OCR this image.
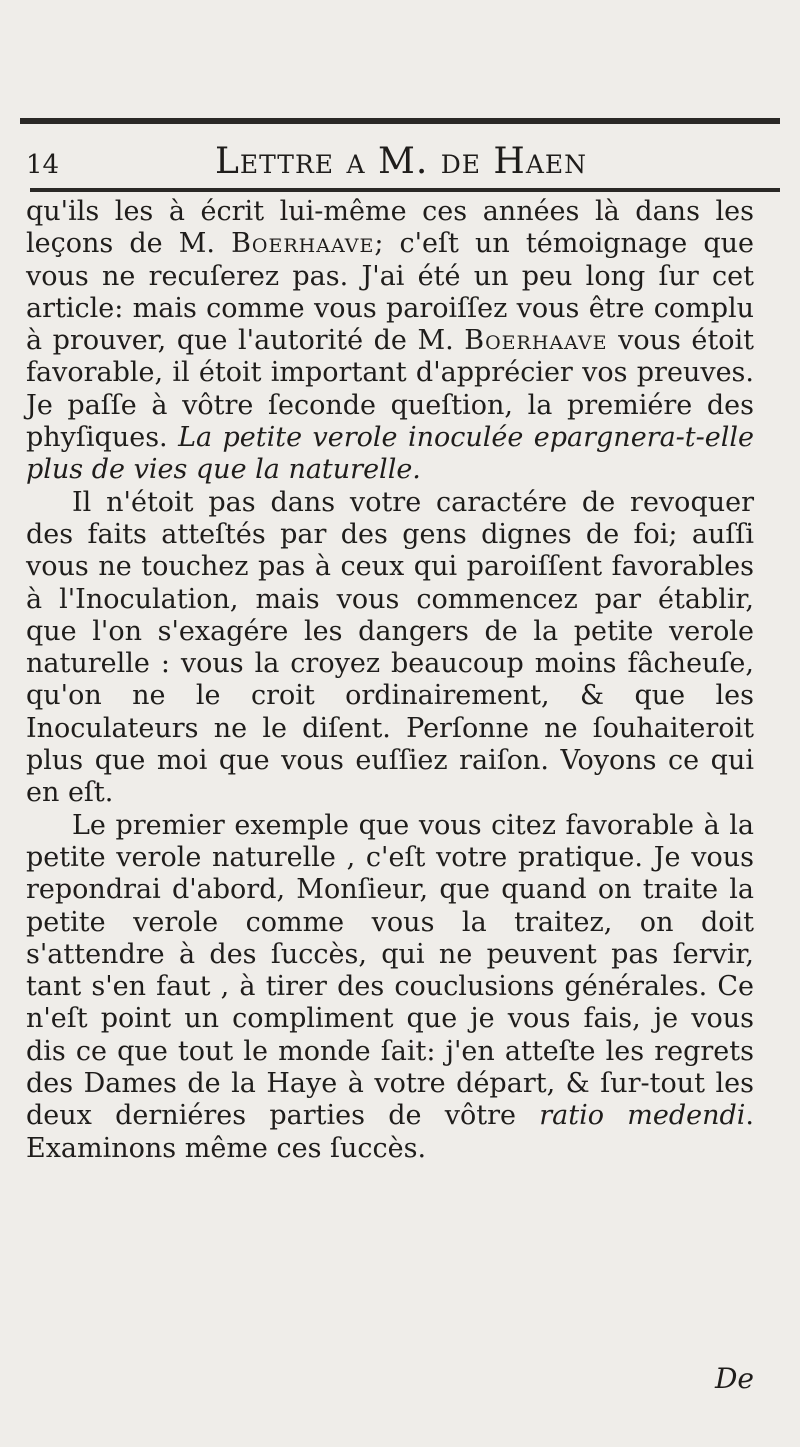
14	Lettre a M. de Haen

qu'ils les à écrit lui-même ces années là dans les leçons de M. Boerhaave; c'eſt un témoignage que vous ne recuſerez pas. J'ai été un peu long ſur cet article: mais comme vous paroiſſez vous être complu à prouver, que l'autorité de M. Boerhaave vous étoit favorable, il étoit important d'apprécier vos preuves. Je paſſe à vôtre ſeconde queſtion, la premiére des phyſiques. La petite verole inoculée epargnera-t-elle plus de vies que la naturelle.

Il n'étoit pas dans votre caractére de revoquer des faits atteſtés par des gens dignes de foi; auſſi vous ne touchez pas à ceux qui paroiſſent favorables à l'Inoculation, mais vous commencez par établir, que l'on s'exagére les dangers de la petite verole naturelle : vous la croyez beaucoup moins fâcheuſe, qu'on ne le croit ordinairement, & que les Inoculateurs ne le diſent. Perſonne ne ſouhaiteroit plus que moi que vous euſſiez raiſon. Voyons ce qui en eſt.

Le premier exemple que vous citez favorable à la petite verole naturelle , c'eſt votre pratique. Je vous repondrai d'abord, Monſieur, que quand on traite la petite verole comme vous la traitez, on doit s'attendre à des ſuccès, qui ne peuvent pas ſervir, tant s'en faut , à tirer des couclusions générales. Ce n'eſt point un compliment que je vous fais, je vous dis ce que tout le monde ſait: j'en atteſte les regrets des Dames de la Haye à votre départ, & ſur-tout les deux derniéres parties de vôtre ratio medendi. Examinons même ces ſuccès.

De
